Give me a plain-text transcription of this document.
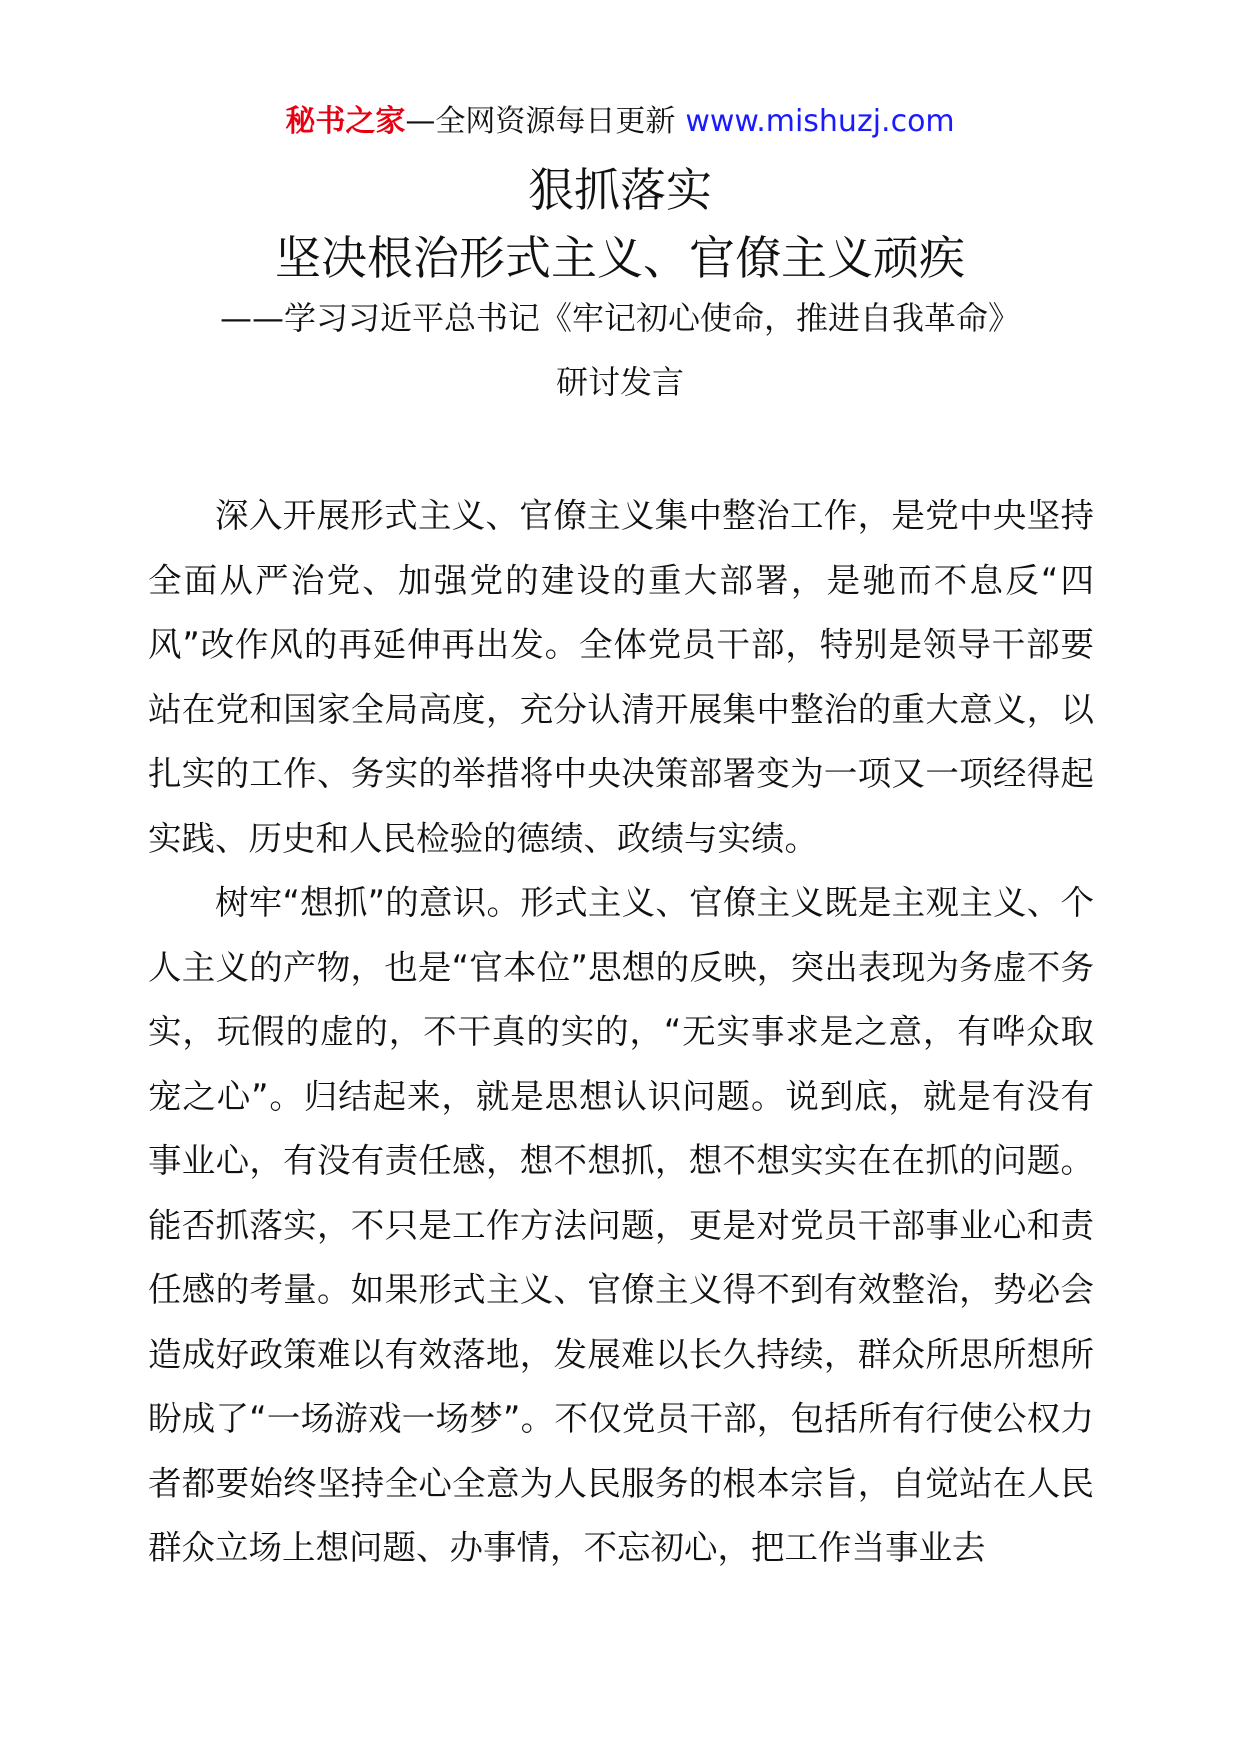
秘书之家—全网资源每日更新 www.mishuzj.com
狠抓落实
坚决根治形式主义、官僚主义顽疾
——学习习近平总书记《牢记初心使命，推进自我革命》
研讨发言

深入开展形式主义、官僚主义集中整治工作，是党中央坚持全面从严治党、加强党的建设的重大部署，是驰而不息反“四风”改作风的再延伸再出发。全体党员干部，特别是领导干部要站在党和国家全局高度，充分认清开展集中整治的重大意义，以扎实的工作、务实的举措将中央决策部署变为一项又一项经得起实践、历史和人民检验的德绩、政绩与实绩。

树牢“想抓”的意识。形式主义、官僚主义既是主观主义、个人主义的产物，也是“官本位”思想的反映，突出表现为务虚不务实，玩假的虚的，不干真的实的，“无实事求是之意，有哗众取宠之心”。归结起来，就是思想认识问题。说到底，就是有没有事业心，有没有责任感，想不想抓，想不想实实在在抓的问题。能否抓落实，不只是工作方法问题，更是对党员干部事业心和责任感的考量。如果形式主义、官僚主义得不到有效整治，势必会造成好政策难以有效落地，发展难以长久持续，群众所思所想所盼成了“一场游戏一场梦”。不仅党员干部，包括所有行使公权力者都要始终坚持全心全意为人民服务的根本宗旨，自觉站在人民群众立场上想问题、办事情，不忘初心，把工作当事业去
